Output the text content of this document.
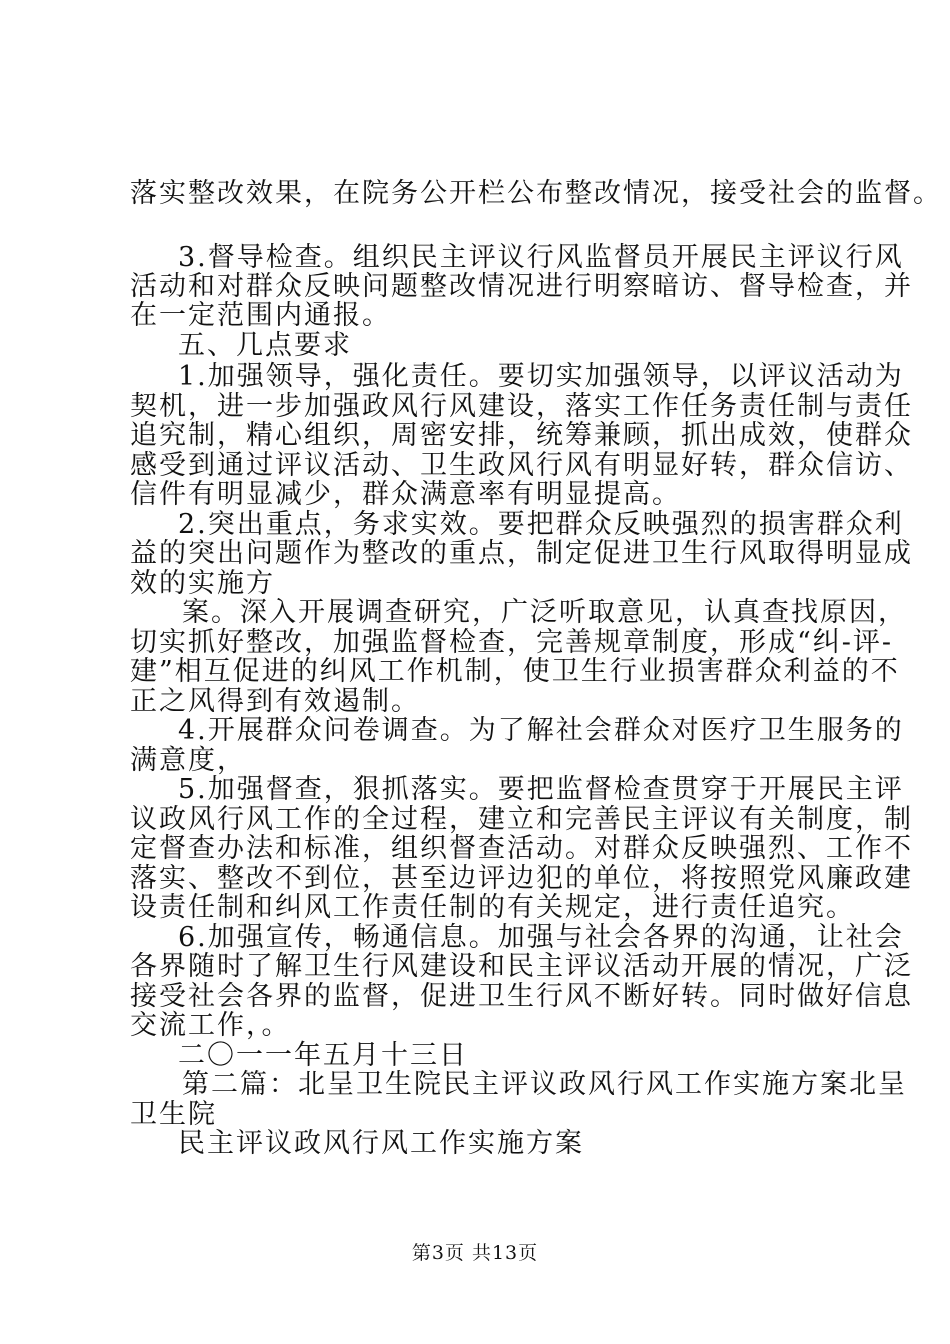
落实整改效果，在院务公开栏公布整改情况，接受社会的监督。
3.督导检查。组织民主评议行风监督员开展民主评议行风
活动和对群众反映问题整改情况进行明察暗访、督导检查，并
在一定范围内通报。
五、几点要求
1.加强领导，强化责任。要切实加强领导，以评议活动为
契机，进一步加强政风行风建设，落实工作任务责任制与责任
追究制，精心组织，周密安排，统筹兼顾，抓出成效，使群众
感受到通过评议活动、卫生政风行风有明显好转，群众信访、
信件有明显减少，群众满意率有明显提高。
2.突出重点，务求实效。要把群众反映强烈的损害群众利
益的突出问题作为整改的重点，制定促进卫生行风取得明显成
效的实施方
案。深入开展调查研究，广泛听取意见，认真查找原因，
切实抓好整改，加强监督检查，完善规章制度，形成“纠-评-
建”相互促进的纠风工作机制，使卫生行业损害群众利益的不
正之风得到有效遏制。
4.开展群众问卷调查。为了解社会群众对医疗卫生服务的
满意度，
5.加强督查，狠抓落实。要把监督检查贯穿于开展民主评
议政风行风工作的全过程，建立和完善民主评议有关制度，制
定督查办法和标准，组织督查活动。对群众反映强烈、工作不
落实、整改不到位，甚至边评边犯的单位，将按照党风廉政建
设责任制和纠风工作责任制的有关规定，进行责任追究。
6.加强宣传，畅通信息。加强与社会各界的沟通，让社会
各界随时了解卫生行风建设和民主评议活动开展的情况，广泛
接受社会各界的监督，促进卫生行风不断好转。同时做好信息
交流工作，。
二〇一一年五月十三日
第二篇：北呈卫生院民主评议政风行风工作实施方案北呈
卫生院
民主评议政风行风工作实施方案
第3页 共13页
